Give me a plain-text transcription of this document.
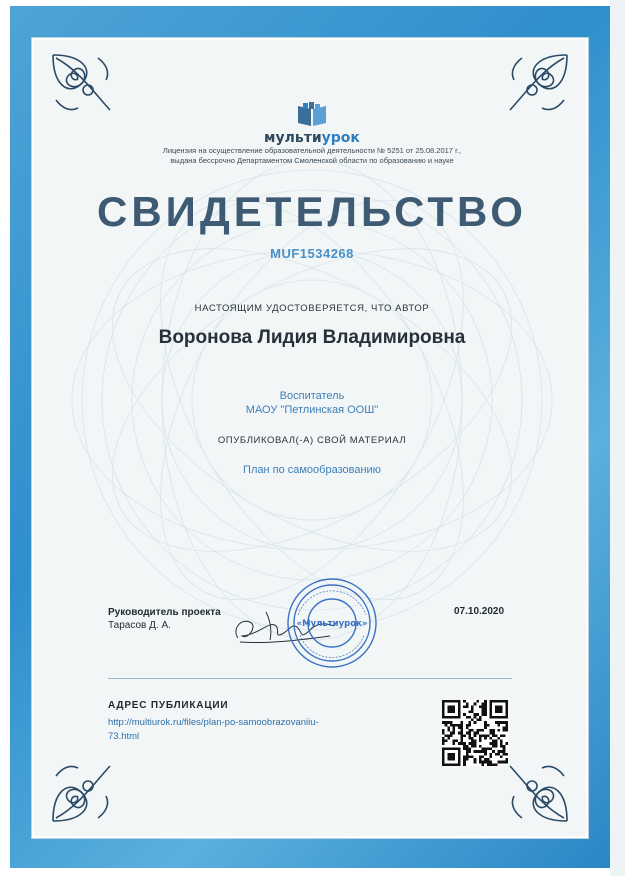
мультиурок
Лицензия на осуществление образовательной деятельности № 5251 от 25.08.2017 г.,
выдана бессрочно Департаментом Смоленской области по образованию и науке
СВИДЕТЕЛЬСТВО
MUF1534268
НАСТОЯЩИМ УДОСТОВЕРЯЕТСЯ, ЧТО АВТОР
Воронова Лидия Владимировна
Воспитатель
МАОУ "Петлинская ООШ"
ОПУБЛИКОВАЛ(-А) СВОЙ МАТЕРИАЛ
План по самообразованию
Руководитель проекта
Тарасов Д. А.	«Мультиурок»
07.10.2020
АДРЕС ПУБЛИКАЦИИ
http://multiurok.ru/files/plan-po-samoobrazovaniiu-
73.html
